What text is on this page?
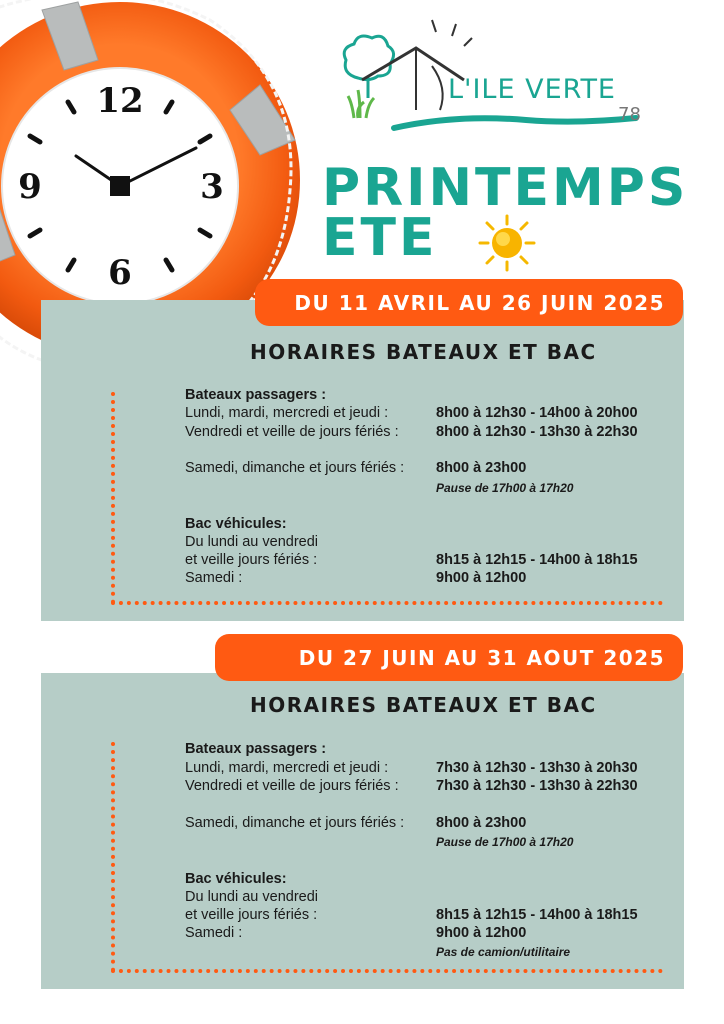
12
3
6
9
L'ILE VERTE
78
PRINTEMPS
ETE
DU 11 AVRIL AU 26 JUIN 2025
HORAIRES BATEAUX ET BAC
Bateaux passagers :
Lundi, mardi, mercredi et jeudi :	8h00 à 12h30 - 14h00 à 20h00
Vendredi et veille de jours fériés :	8h00 à 12h30 - 13h30 à 22h30
Samedi, dimanche et jours fériés : 8h00 à 23h00
Pause de 17h00 à 17h20
Bac véhicules:
Du lundi au vendredi
et veille jours fériés :	8h15 à 12h15 - 14h00 à 18h15
Samedi :	9h00 à 12h00
DU 27 JUIN AU 31 AOUT 2025
HORAIRES BATEAUX ET BAC
Bateaux passagers :
Lundi, mardi, mercredi et jeudi :	7h30 à 12h30 - 13h30 à 20h30
Vendredi et veille de jours fériés :	7h30 à 12h30 - 13h30 à 22h30
Samedi, dimanche et jours fériés : 8h00 à 23h00
Pause de 17h00 à 17h20
Bac véhicules:
Du lundi au vendredi
et veille jours fériés :	8h15 à 12h15 - 14h00 à 18h15
Samedi :	9h00 à 12h00
Pas de camion/utilitaire
